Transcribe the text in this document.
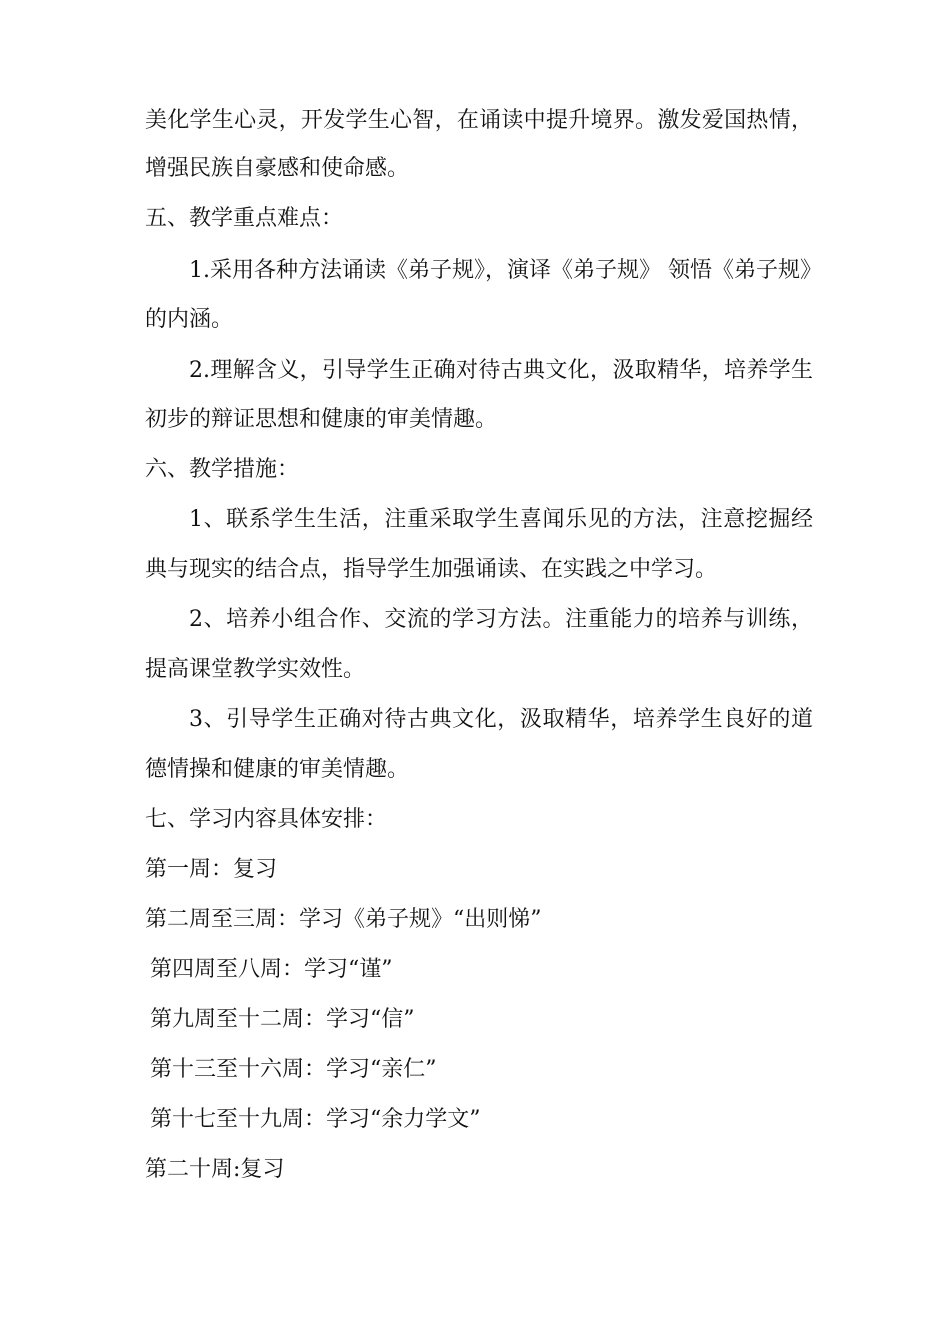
美化学生心灵，开发学生心智，在诵读中提升境界。激发爱国热情，
增强民族自豪感和使命感。
五、教学重点难点：
1.采用各种方法诵读《弟子规》，演译《弟子规》 领悟《弟子规》
的内涵。
2.理解含义，引导学生正确对待古典文化，汲取精华，培养学生
初步的辩证思想和健康的审美情趣。
六、教学措施：
1、联系学生生活，注重采取学生喜闻乐见的方法，注意挖掘经
典与现实的结合点，指导学生加强诵读、在实践之中学习。
2、培养小组合作、交流的学习方法。注重能力的培养与训练，
提高课堂教学实效性。
3、引导学生正确对待古典文化，汲取精华，培养学生良好的道
德情操和健康的审美情趣。
七、学习内容具体安排：
第一周：复习
第二周至三周：学习《弟子规》“出则悌”
第四周至八周：学习“谨”
第九周至十二周：学习“信”
第十三至十六周：学习“亲仁”
第十七至十九周：学习“余力学文”
第二十周:复习
